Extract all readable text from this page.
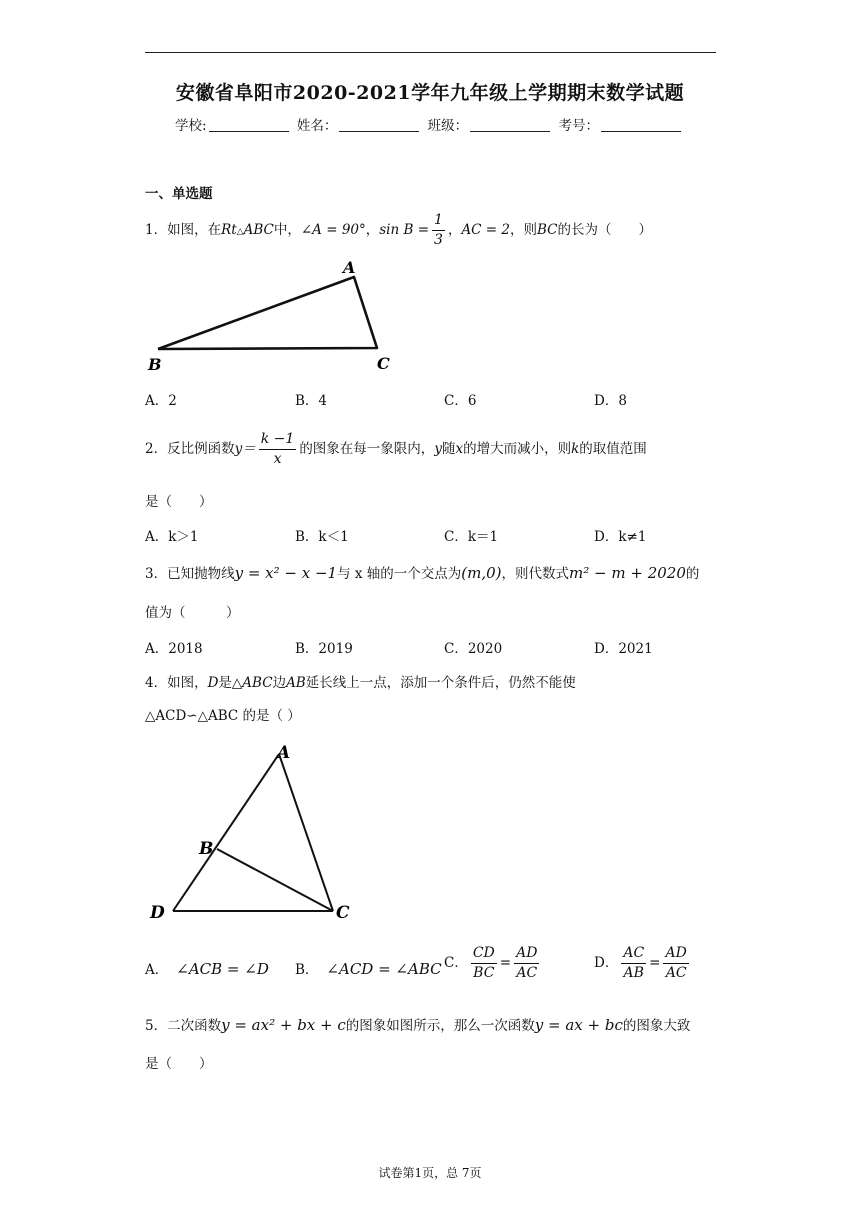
安徽省阜阳市2020-2021学年九年级上学期期末数学试题
学校:	姓名：	班级：	考号：
一、单选题
1．如图，在Rt△ABC中，∠A = 90°，$\sin B = \frac{1}{3}$ ，AC = 2，则BC的长为（　　）
A
B	C
A．2	B．4	C．6	D．8
2．反比例函数$y= \frac{k -1}{x}$ 的图象在每一象限内，y随x的增大而减小，则k的取值范围
是（　　）
A．k＞1	B．k＜1	C．k＝1	D．k≠1
3．已知抛物线y = x² − x −1与 x 轴的一个交点为(m,0)，则代数式m² − m + 2020的
值为（　　　）
A．2018	B．2019	C．2020	D．2021
4．如图，D是△ABC边AB延长线上一点，添加一个条件后，仍然不能使
△ACD∽△ABC 的是（ ）
A
B
C
D
A． ∠ACB = ∠D B． ∠ACD = ∠ABC C． $\frac{CD}{BC} = \frac{AD}{AC}$	D． $\frac{AC}{AB} = \frac{AD}{AC}$
5．二次函数y = ax² + bx + c的图象如图所示，那么一次函数y = ax + bc的图象大致
是（　　）
试卷第1页，总 7页
